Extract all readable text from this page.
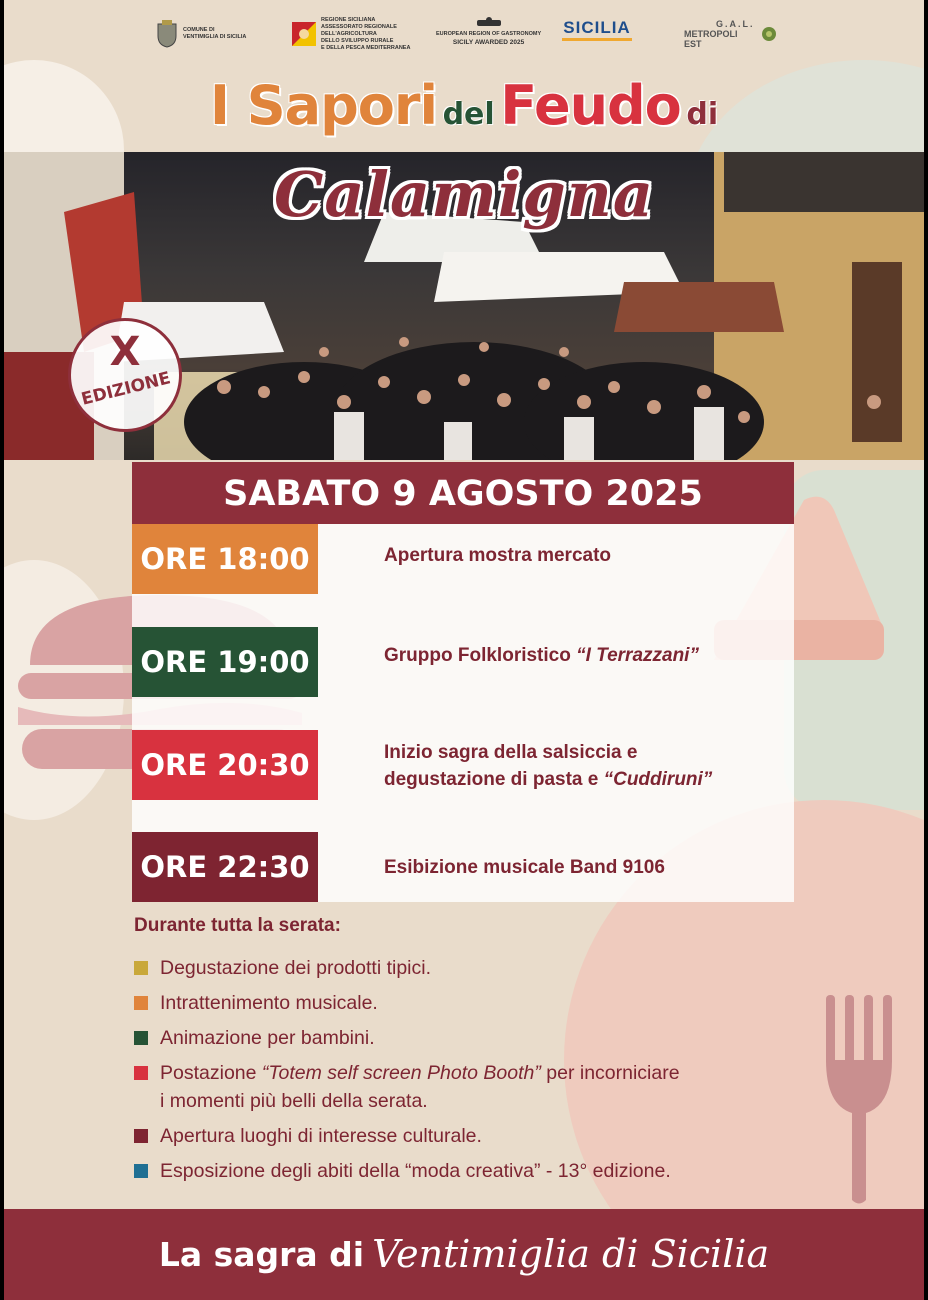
COMUNE DI
VENTIMIGLIA DI SICILIA
REGIONE SICILIANA
ASSESSORATO REGIONALE
DELL'AGRICOLTURA
DELLO SVILUPPO RURALE
E DELLA PESCA MEDITERRANEA
EUROPEAN REGION OF GASTRONOMY
SICILY AWARDED 2025
SICILIA	G.A.L.
METROPOLI
EST
I Sapori del Feudo di
Calamigna
X
EDIZIONE
SABATO 9 AGOSTO 2025
ORE 18:00	Apertura mostra mercato
ORE 19:00	Gruppo Folkloristico “I Terrazzani”
ORE 20:30	Inizio sagra della salsiccia e
degustazione di pasta e “Cuddiruni”
ORE 22:30	Esibizione musicale Band 9106
Durante tutta la serata:
Degustazione dei prodotti tipici.
Intrattenimento musicale.
Animazione per bambini.
Postazione “Totem self screen Photo Booth” per incorniciare
i momenti più belli della serata.
Apertura luoghi di interesse culturale.
Esposizione degli abiti della “moda creativa” - 13° edizione.
La sagra di Ventimiglia di Sicilia
